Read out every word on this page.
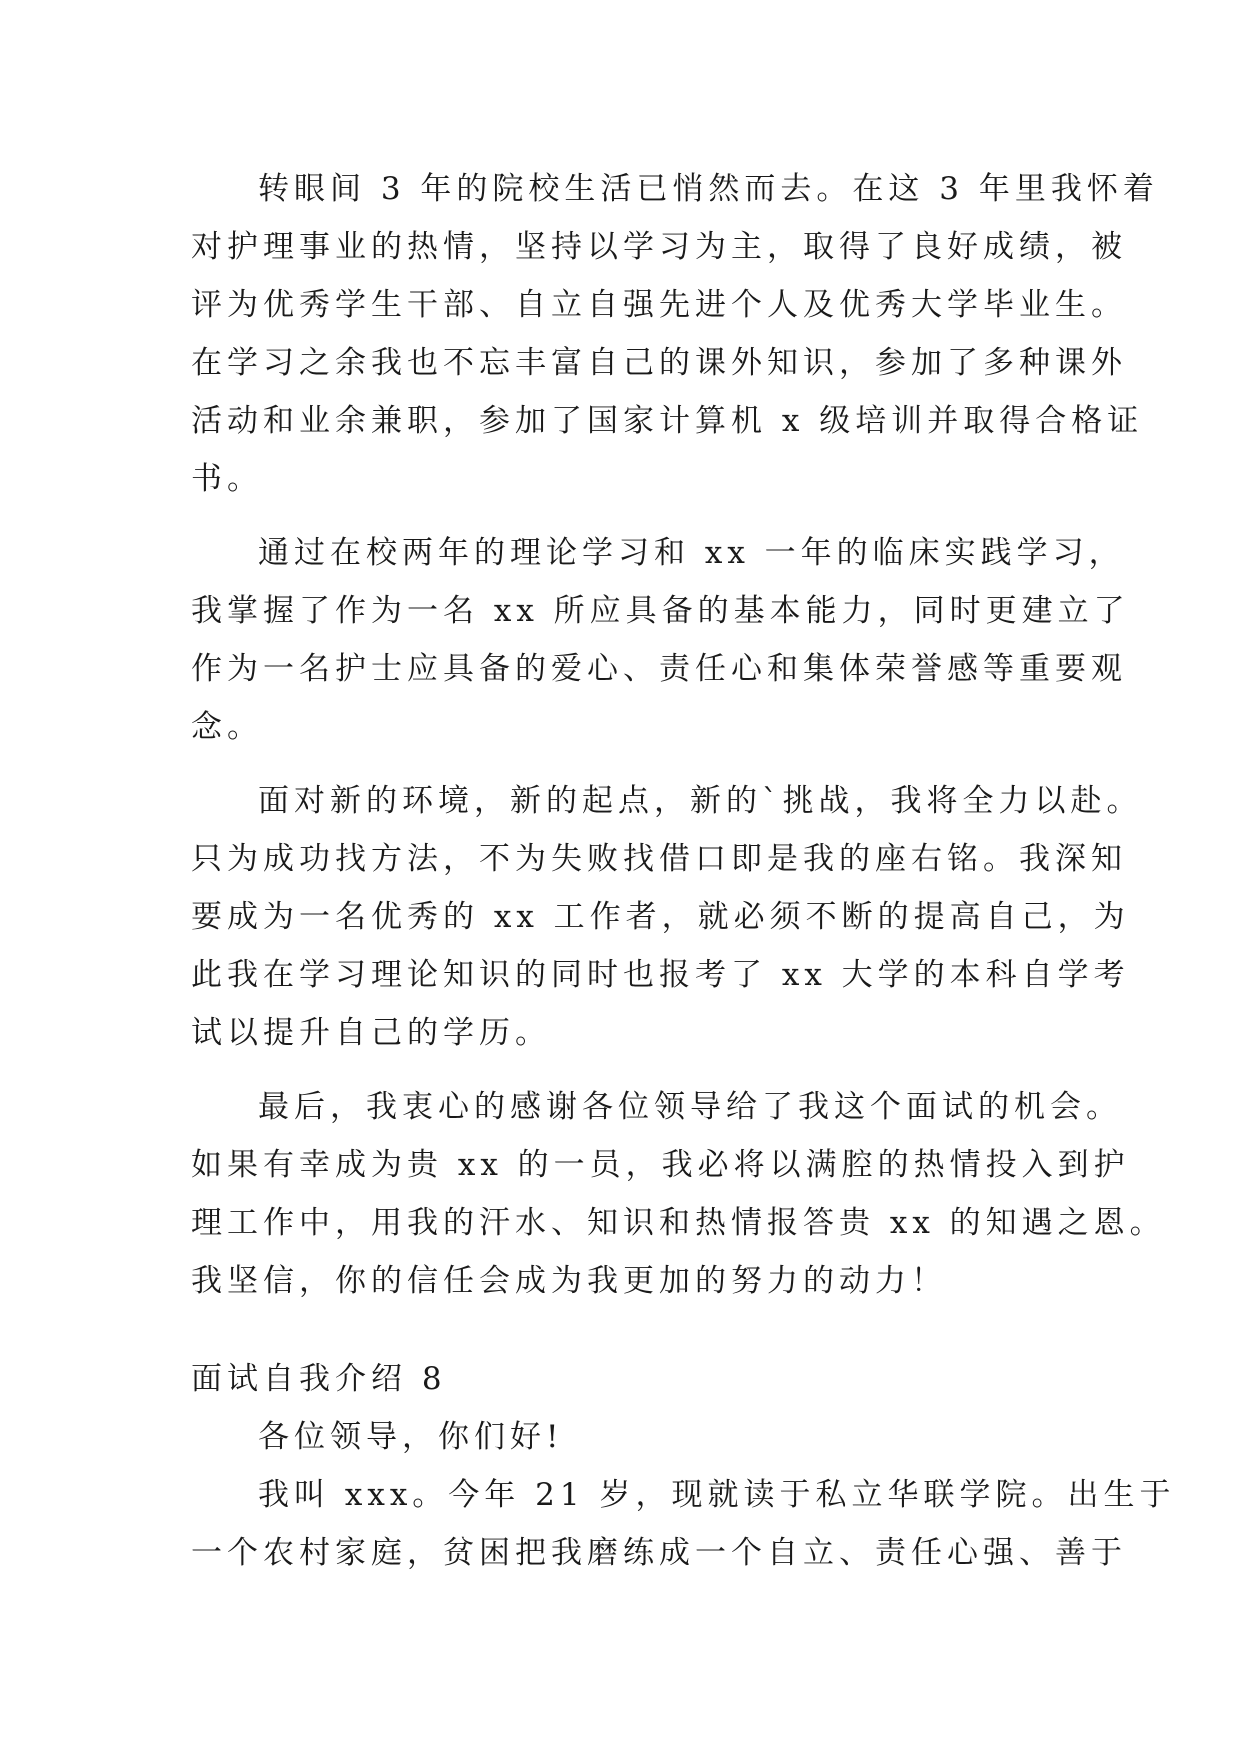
转眼间 3 年的院校生活已悄然而去。在这 3 年里我怀着
对护理事业的热情，坚持以学习为主，取得了良好成绩，被
评为优秀学生干部、自立自强先进个人及优秀大学毕业生。
在学习之余我也不忘丰富自己的课外知识，参加了多种课外
活动和业余兼职，参加了国家计算机 x 级培训并取得合格证
书。
通过在校两年的理论学习和 xx 一年的临床实践学习，
我掌握了作为一名 xx 所应具备的基本能力，同时更建立了
作为一名护士应具备的爱心、责任心和集体荣誉感等重要观
念。
面对新的环境，新的起点，新的`挑战，我将全力以赴。
只为成功找方法，不为失败找借口即是我的座右铭。我深知
要成为一名优秀的 xx 工作者，就必须不断的提高自己，为
此我在学习理论知识的同时也报考了 xx 大学的本科自学考
试以提升自己的学历。
最后，我衷心的感谢各位领导给了我这个面试的机会。
如果有幸成为贵 xx 的一员，我必将以满腔的热情投入到护
理工作中，用我的汗水、知识和热情报答贵 xx 的知遇之恩。
我坚信，你的信任会成为我更加的努力的动力！
面试自我介绍 8
各位领导，你们好!
我叫 xxx。今年 21 岁，现就读于私立华联学院。出生于
一个农村家庭，贫困把我磨练成一个自立、责任心强、善于
